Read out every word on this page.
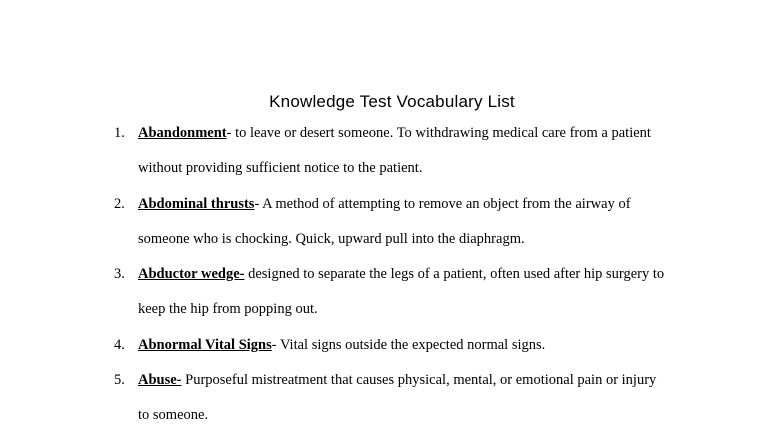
Knowledge Test Vocabulary List
1. Abandonment- to leave or desert someone. To withdrawing medical care from a patient
without providing sufficient notice to the patient.
2. Abdominal thrusts- A method of attempting to remove an object from the airway of
someone who is chocking. Quick, upward pull into the diaphragm.
3. Abductor wedge- designed to separate the legs of a patient, often used after hip surgery to
keep the hip from popping out.
4. Abnormal Vital Signs- Vital signs outside the expected normal signs.
5. Abuse- Purposeful mistreatment that causes physical, mental, or emotional pain or injury
to someone.
